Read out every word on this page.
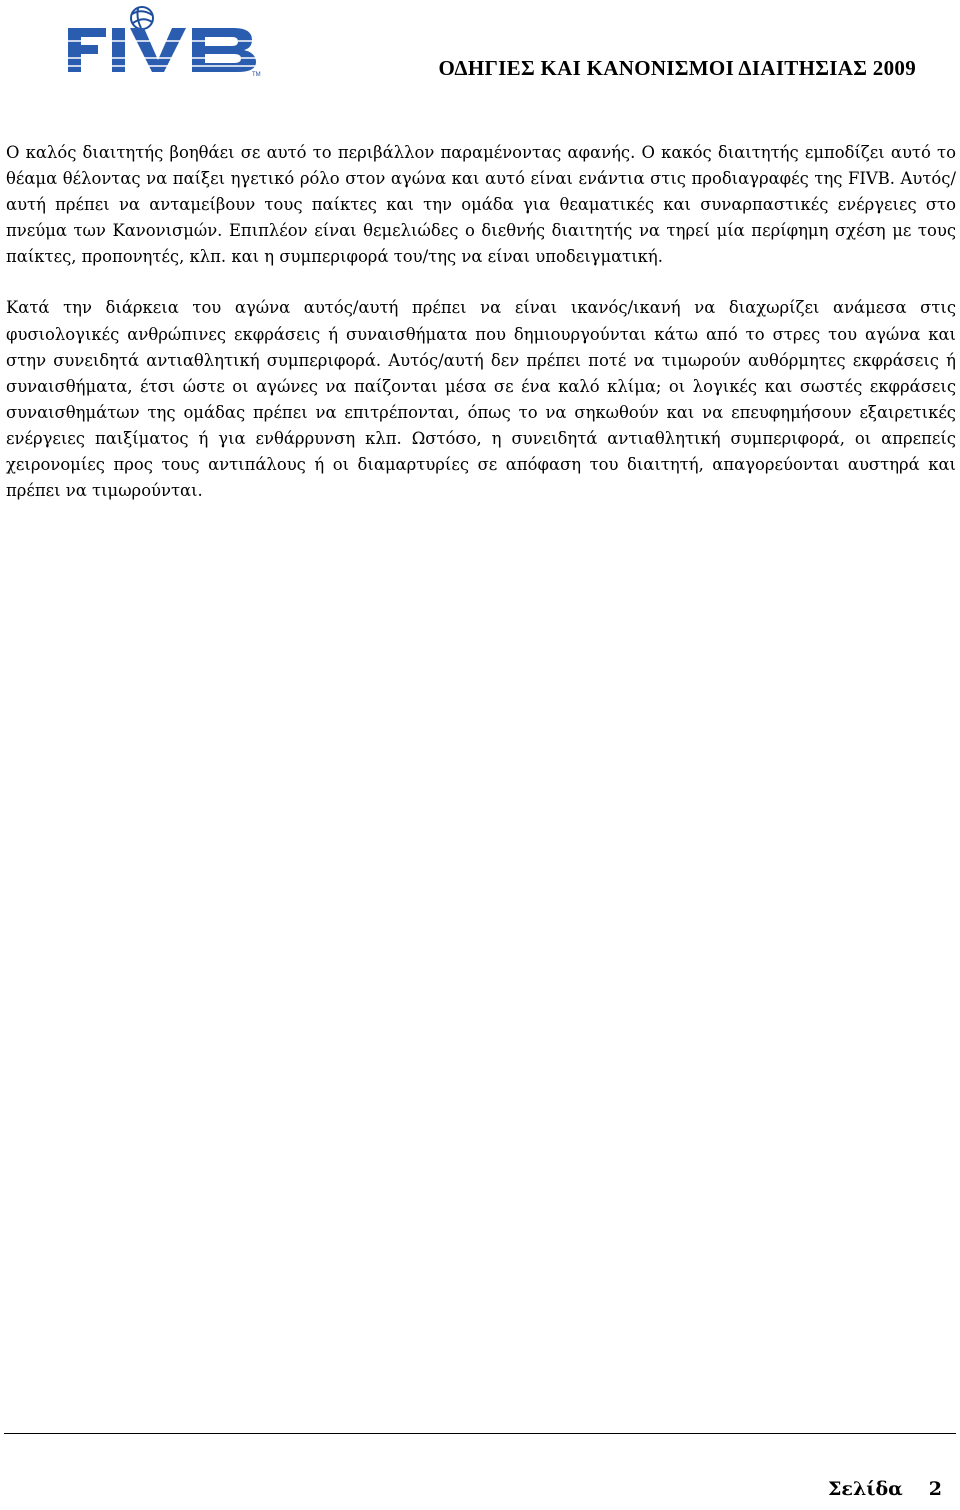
TM	ΟΔΗΓΙΕΣ ΚΑΙ ΚΑΝΟΝΙΣΜΟΙ ΔΙΑΙΤΗΣΙΑΣ 2009

Ο καλός διαιτητής βοηθάει σε αυτό το περιβάλλον παραμένοντας αφανής. Ο κακός διαιτητής εμποδίζει αυτό το θέαμα θέλοντας να παίξει ηγετικό ρόλο στον αγώνα και αυτό είναι ενάντια στις προδιαγραφές της FIVB. Αυτός/αυτή πρέπει να ανταμείβουν τους παίκτες και την ομάδα για θεαματικές και συναρπαστικές ενέργειες στο πνεύμα των Κανονισμών. Επιπλέον είναι θεμελιώδες ο διεθνής διαιτητής να τηρεί μία περίφημη σχέση με τους παίκτες, προπονητές, κλπ. και η συμπεριφορά του/της να είναι υποδειγματική.

Κατά την διάρκεια του αγώνα αυτός/αυτή πρέπει να είναι ικανός/ικανή να διαχωρίζει ανάμεσα στις φυσιολογικές ανθρώπινες εκφράσεις ή συναισθήματα που δημιουργούνται κάτω από το στρες του αγώνα και στην συνειδητά αντιαθλητική συμπεριφορά. Αυτός/αυτή δεν πρέπει ποτέ να τιμωρούν αυθόρμητες εκφράσεις ή συναισθήματα, έτσι ώστε οι αγώνες να παίζονται μέσα σε ένα καλό κλίμα; οι λογικές και σωστές εκφράσεις συναισθημάτων της ομάδας πρέπει να επιτρέπονται, όπως το να σηκωθούν και να επευφημήσουν εξαιρετικές ενέργειες παιξίματος ή για ενθάρρυνση κλπ. Ωστόσο, η συνειδητά αντιαθλητική συμπεριφορά, οι απρεπείς χειρονομίες προς τους αντιπάλους ή οι διαμαρτυρίες σε απόφαση του διαιτητή, απαγορεύονται αυστηρά και πρέπει να τιμωρούνται.

Σελίδα 2
